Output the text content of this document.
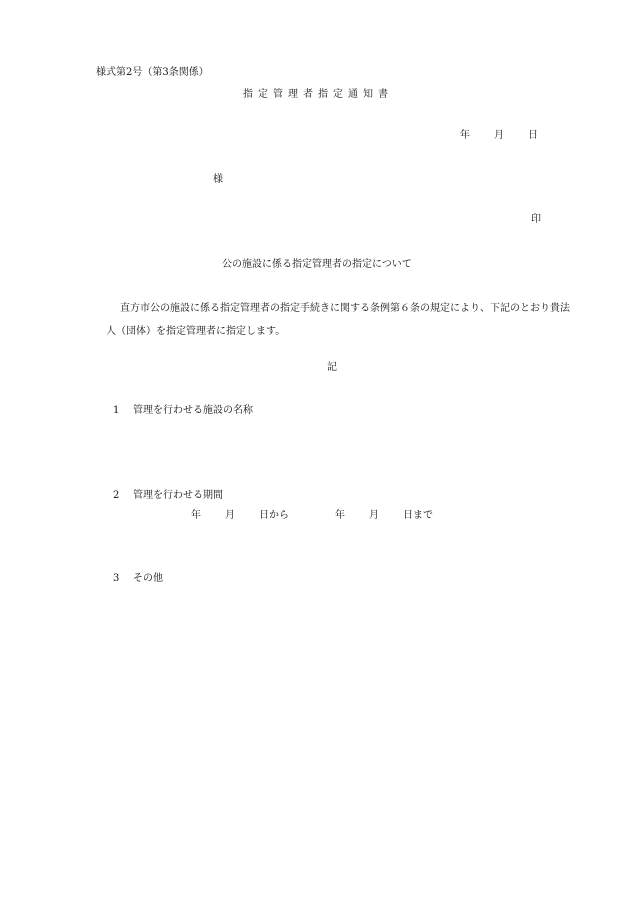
様式第2号（第3条関係）
指定管理者指定通知書
年 月 日
様
印
公の施設に係る指定管理者の指定について
直方市公の施設に係る指定管理者の指定手続きに関する条例第６条の規定により、下記のとおり貴法人（団体）を指定管理者に指定します。
記
1 管理を行わせる施設の名称
2 管理を行わせる期間
年 月 日から	年 月 日まで
3 その他
